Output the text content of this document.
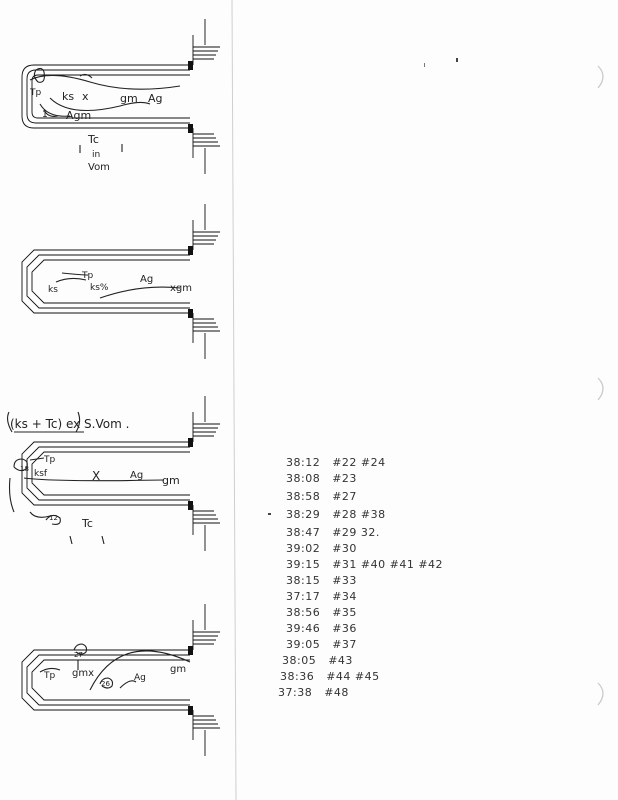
Tp ks x	gm Ag
Agm
1
Tc
in
Vom
Tp
ks	ks%
Ag
xgm
(ks + Tc) ex S.Vom .
18
Tp
ksf	X	Ag gm
12 Tc
27
Tp gmx
26
Ag
gm
38:12 #22 #24
38:08 #23
38:58 #27
38:29 #28 #38
38:47 #29 32.
39:02 #30
39:15 #31 #40 #41 #42
38:15 #33
37:17 #34
38:56 #35
39:46 #36
39:05 #37
38:05 #43
38:36 #44 #45
37:38 #48
